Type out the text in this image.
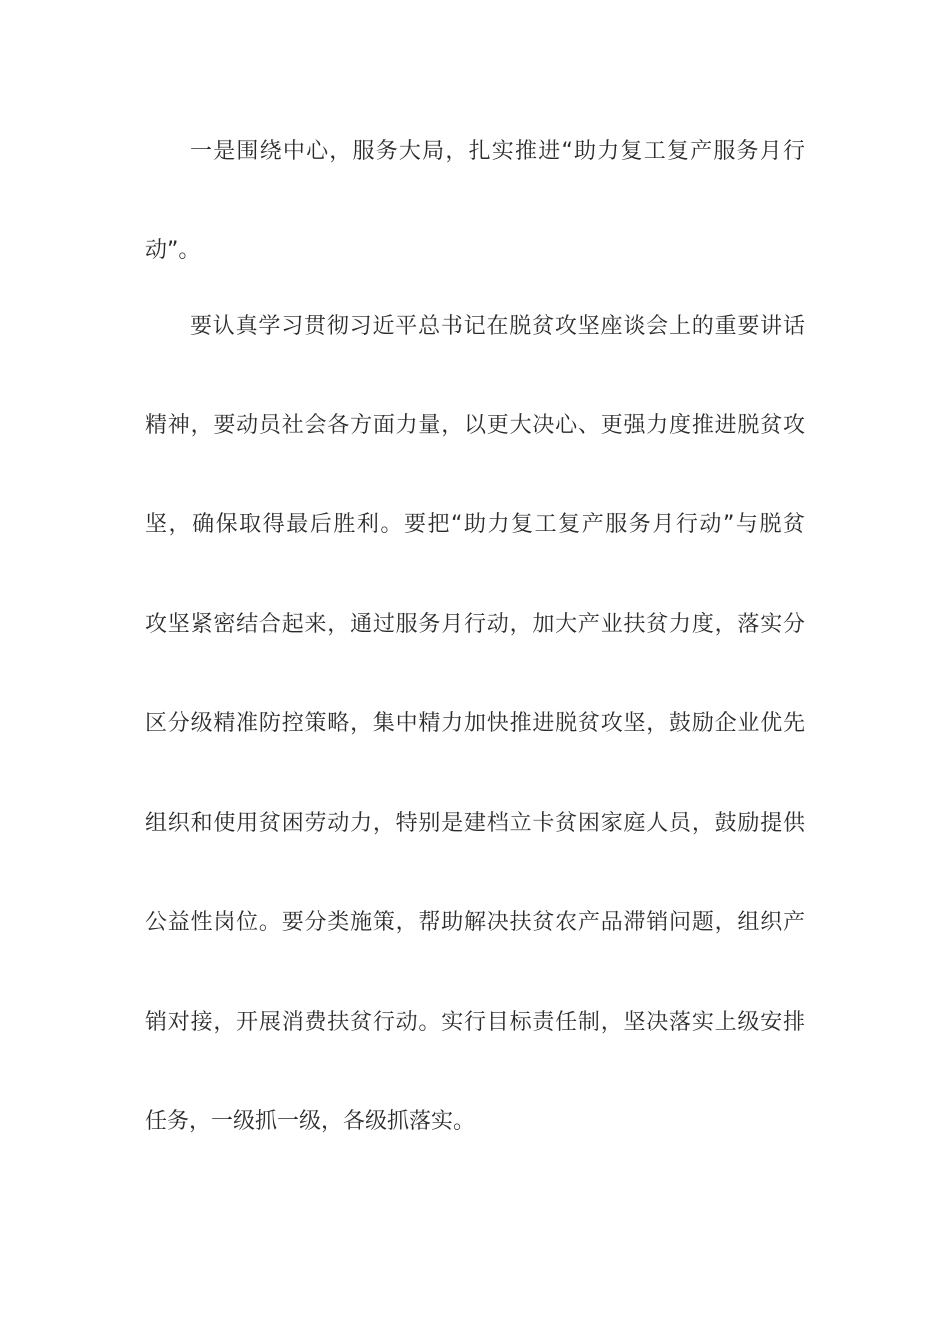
一是围绕中心，服务大局，扎实推进“助力复工复产服务月行
动”。
要认真学习贯彻习近平总书记在脱贫攻坚座谈会上的重要讲话
精神，要动员社会各方面力量，以更大决心、更强力度推进脱贫攻
坚，确保取得最后胜利。要把“助力复工复产服务月行动”与脱贫
攻坚紧密结合起来，通过服务月行动，加大产业扶贫力度，落实分
区分级精准防控策略，集中精力加快推进脱贫攻坚，鼓励企业优先
组织和使用贫困劳动力，特别是建档立卡贫困家庭人员，鼓励提供
公益性岗位。要分类施策，帮助解决扶贫农产品滞销问题，组织产
销对接，开展消费扶贫行动。实行目标责任制，坚决落实上级安排
任务，一级抓一级，各级抓落实。
